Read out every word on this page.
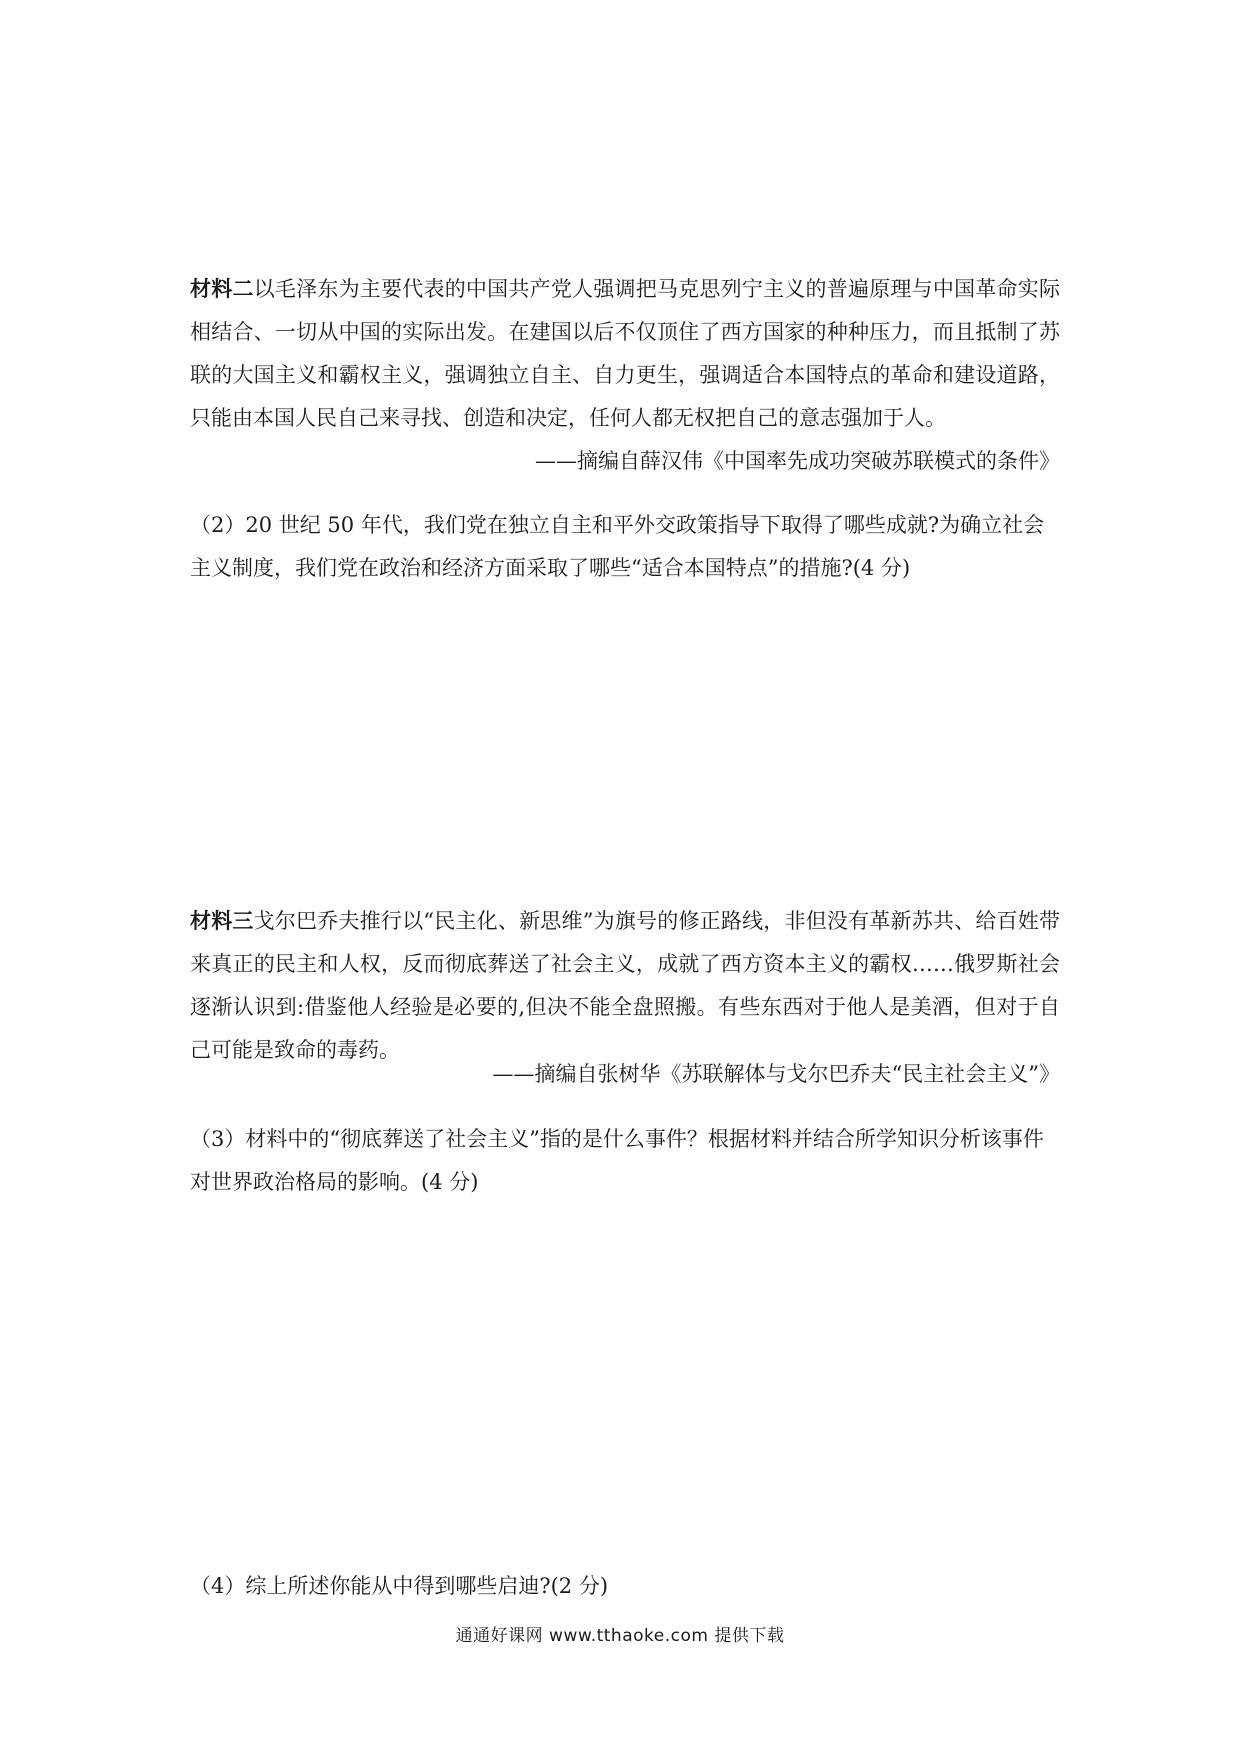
材料二以毛泽东为主要代表的中国共产党人强调把马克思列宁主义的普遍原理与中国革命实际相结合、一切从中国的实际出发。在建国以后不仅顶住了西方国家的种种压力，而且抵制了苏联的大国主义和霸权主义，强调独立自主、自力更生，强调适合本国特点的革命和建设道路，只能由本国人民自己来寻找、创造和决定，任何人都无权把自己的意志强加于人。

——摘编自薛汉伟《中国率先成功突破苏联模式的条件》

（2）20 世纪 50 年代，我们党在独立自主和平外交政策指导下取得了哪些成就?为确立社会主义制度，我们党在政治和经济方面采取了哪些“适合本国特点”的措施?(4 分)

材料三戈尔巴乔夫推行以“民主化、新思维”为旗号的修正路线，非但没有革新苏共、给百姓带来真正的民主和人权，反而彻底葬送了社会主义，成就了西方资本主义的霸权……俄罗斯社会逐渐认识到:借鉴他人经验是必要的,但决不能全盘照搬。有些东西对于他人是美酒，但对于自己可能是致命的毒药。

——摘编自张树华《苏联解体与戈尔巴乔夫“民主社会主义”》

（3）材料中的“彻底葬送了社会主义”指的是什么事件？根据材料并结合所学知识分析该事件对世界政治格局的影响。(4 分)

（4）综上所述你能从中得到哪些启迪?(2 分)

通通好课网 www.tthaoke.com 提供下载
